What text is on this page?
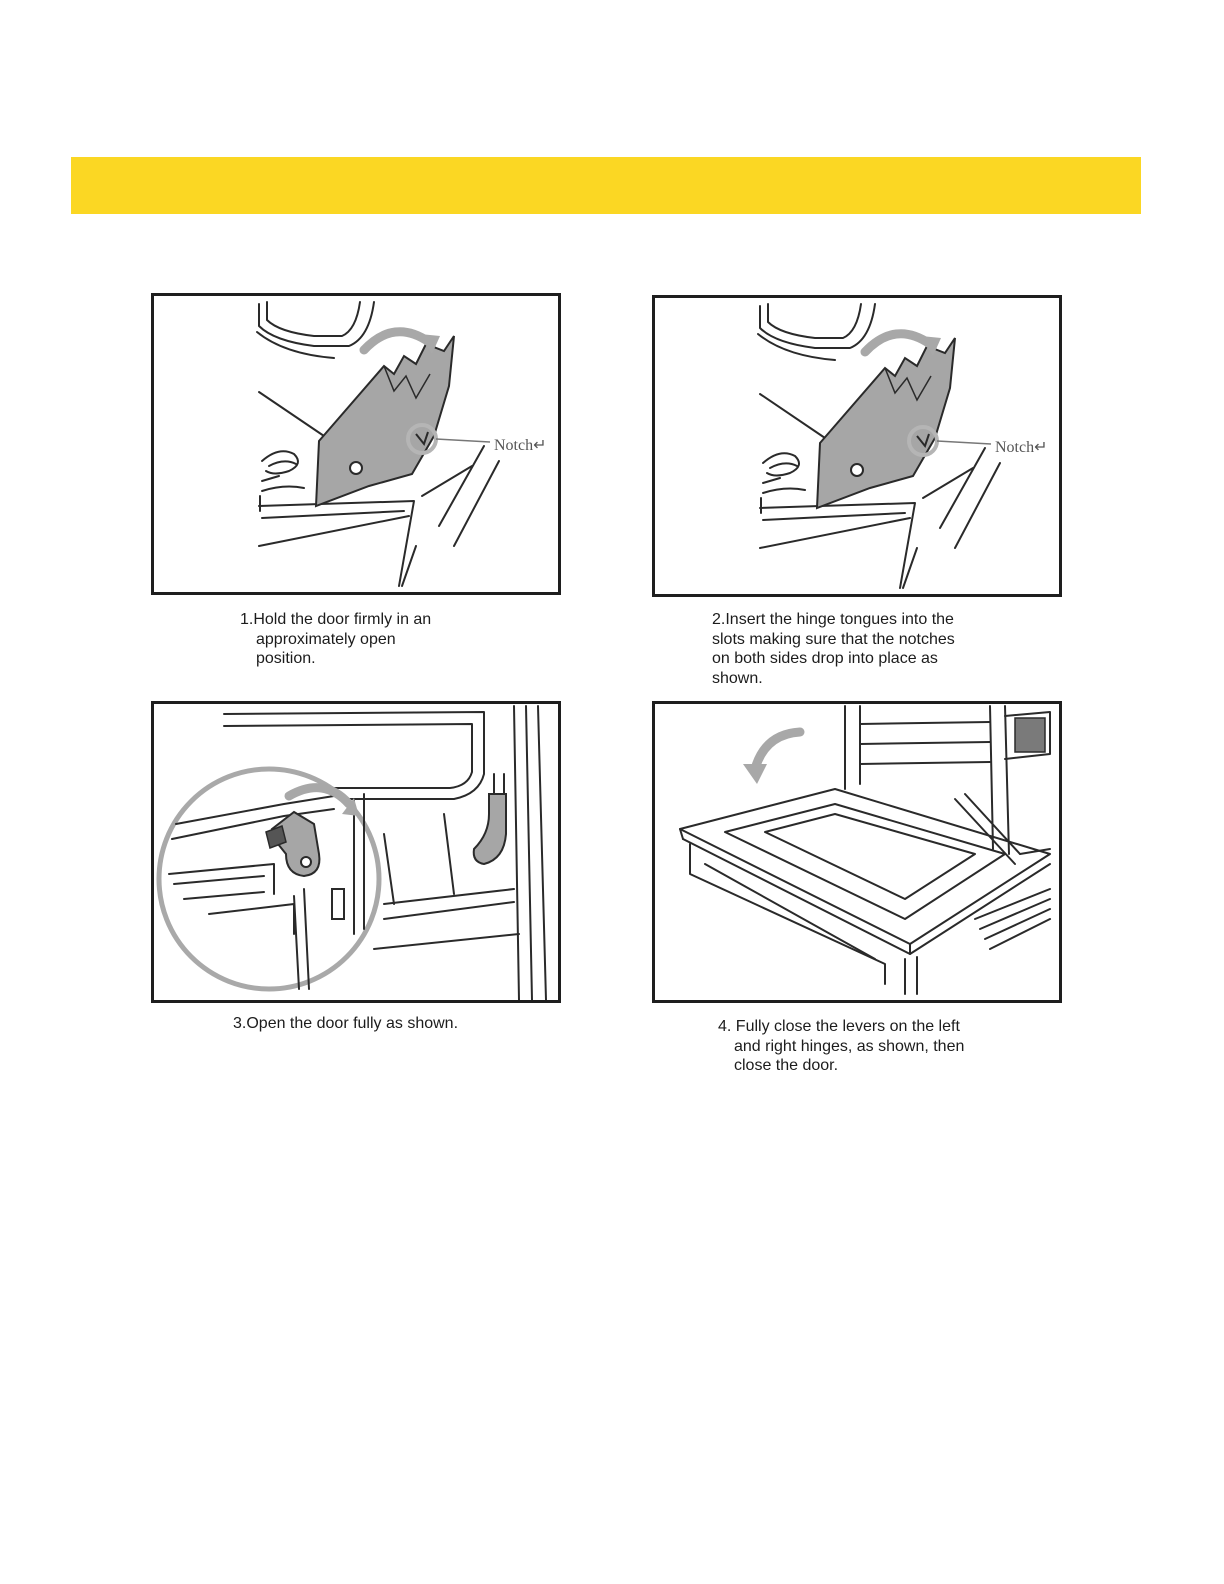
Notch↵
1.Hold the door firmly in an
approximately open
position.
Notch↵
2.Insert the hinge tongues into the
slots making sure that the notches
on both sides drop into place as
shown.
3.Open the door fully as shown.	4. Fully close the levers on the left
and right hinges, as shown, then
close the door.
